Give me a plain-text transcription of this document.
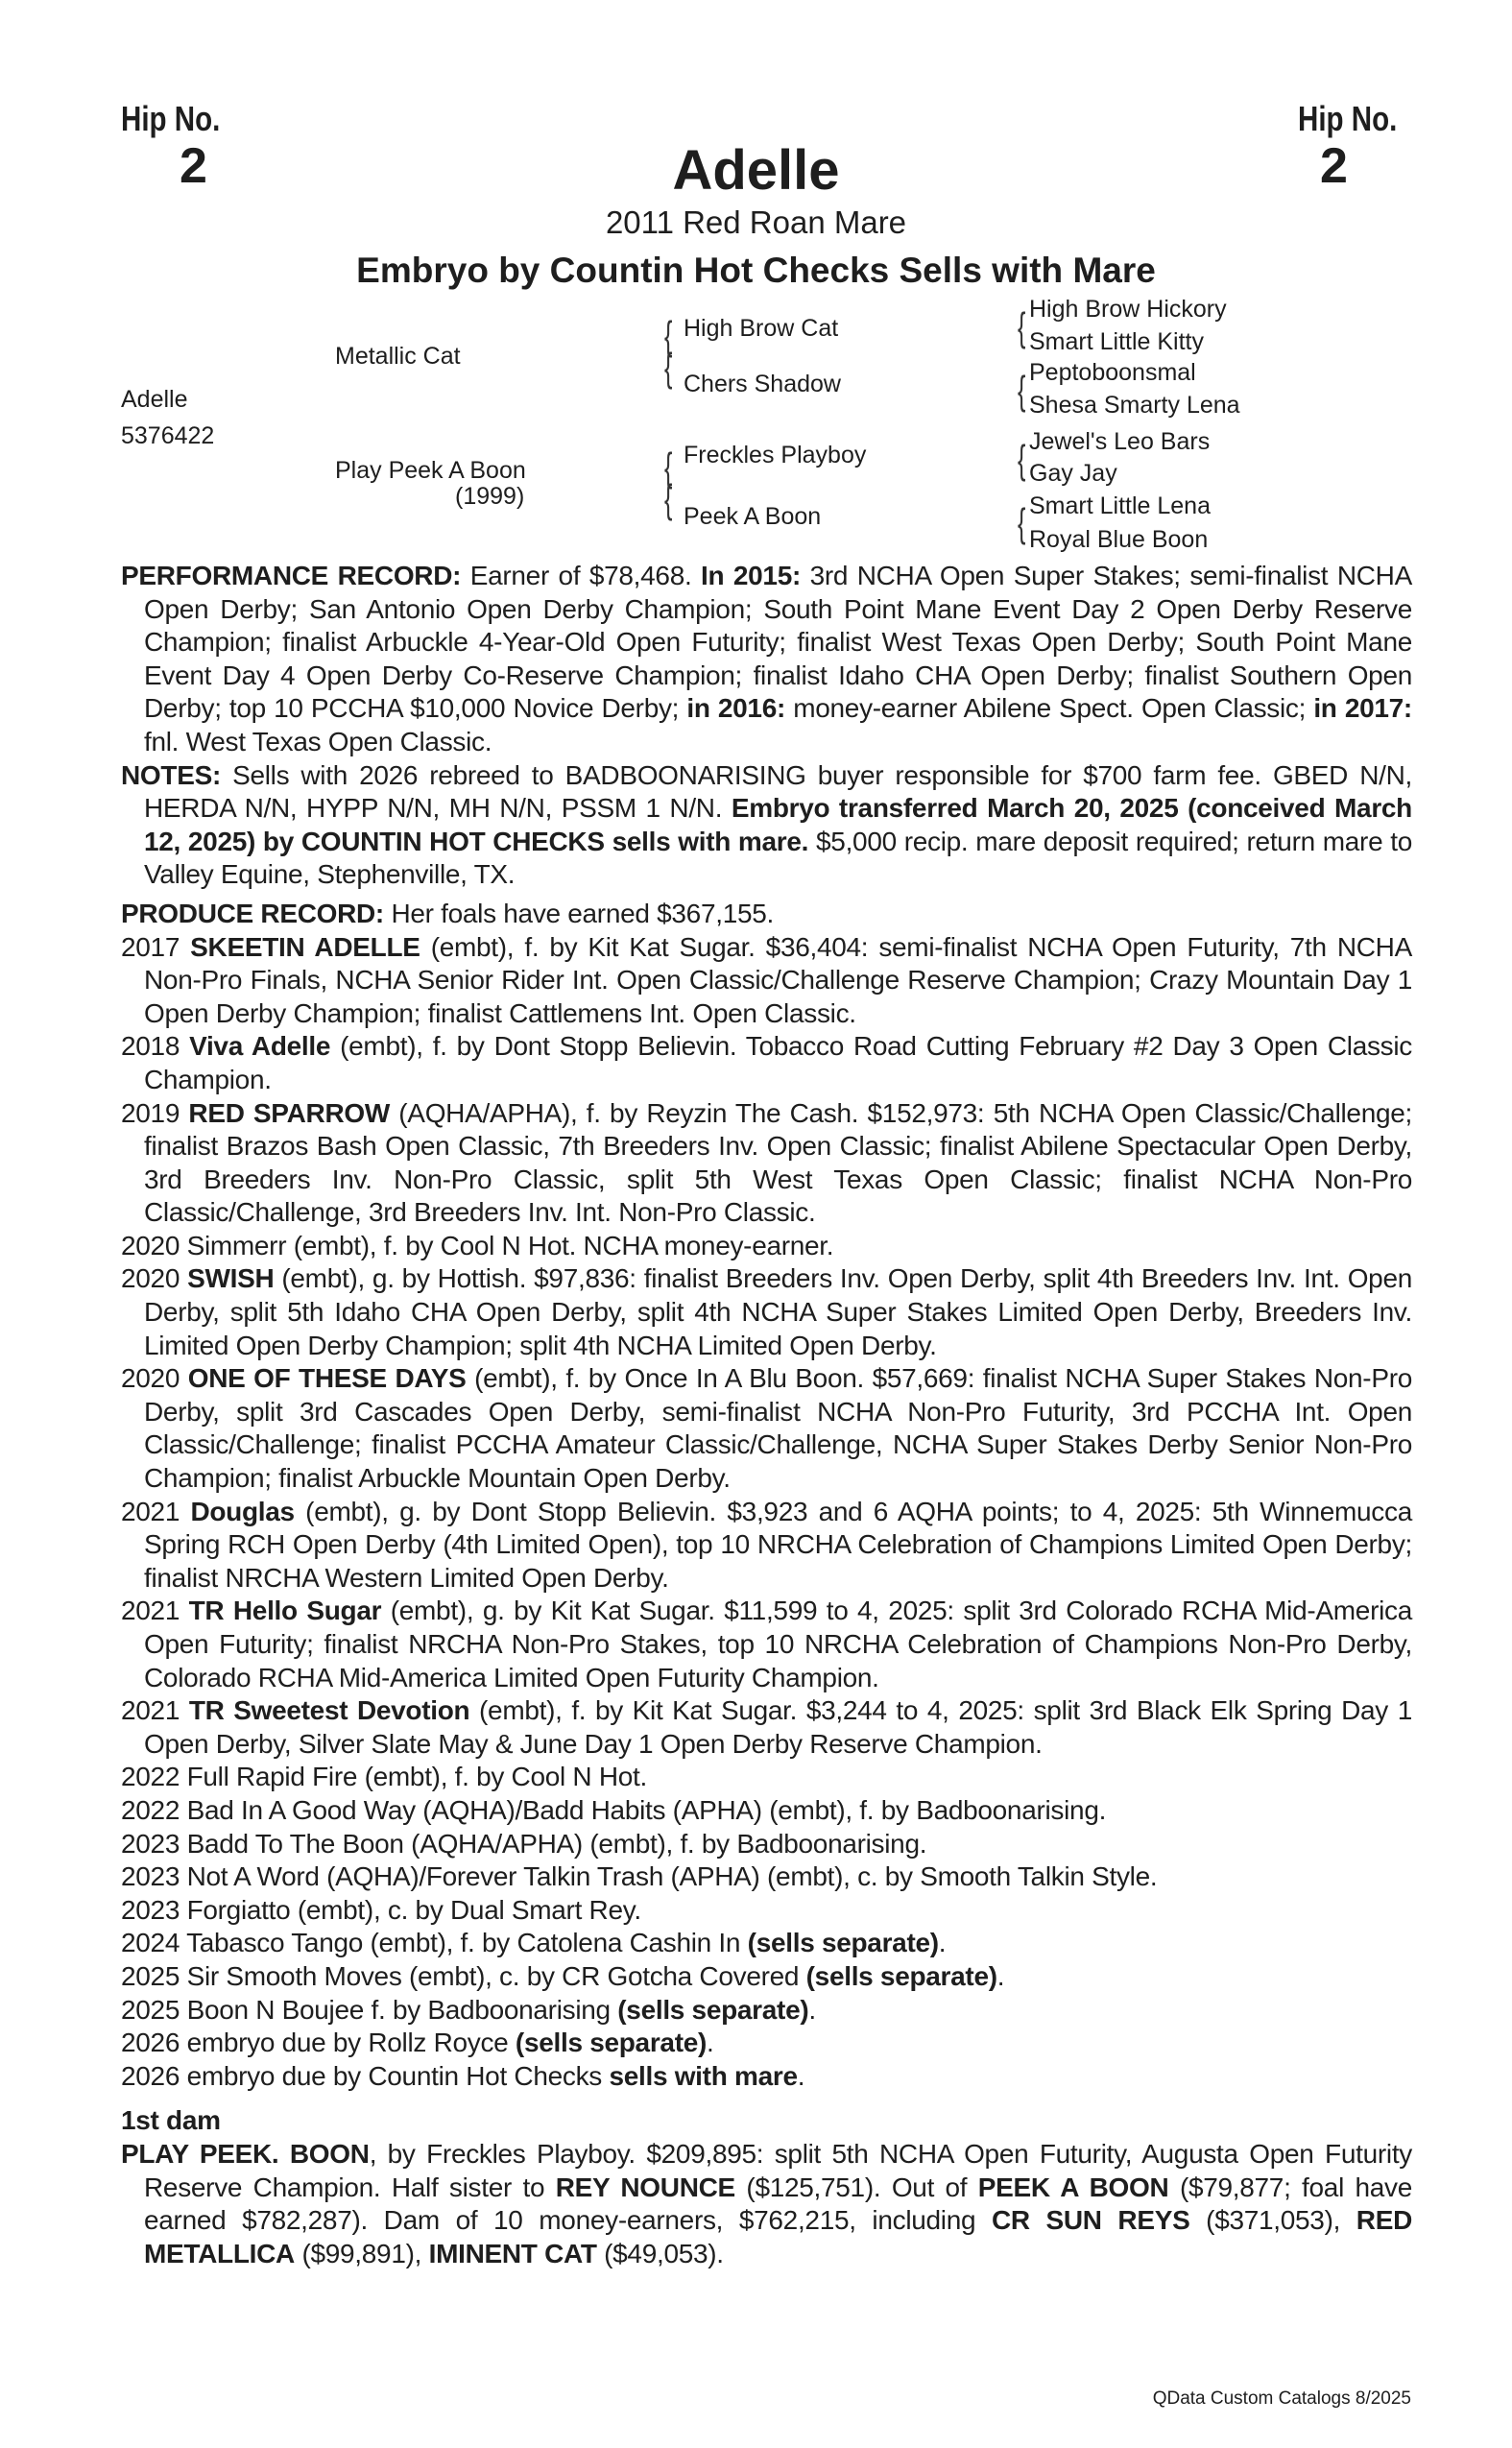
Hip No.
2
Hip No.
2
Adelle
2011 Red Roan Mare
Embryo by Countin Hot Checks Sells with Mare
Adelle
5376422
Metallic Cat
Play Peek A Boon
(1999)
{
{
High Brow Cat
Chers Shadow
{
{
Freckles Playboy
Peek A Boon
{ High Brow Hickory
Smart Little Kitty
{ Peptoboonsmal
Shesa Smarty Lena
{ Jewel's Leo Bars
Gay Jay
{ Smart Little Lena
Royal Blue Boon

PERFORMANCE RECORD: Earner of $78,468. In 2015: 3rd NCHA Open Super Stakes; semi-finalist NCHA Open Derby; San Antonio Open Derby Champion; South Point Mane Event Day 2 Open Derby Reserve Champion; finalist Arbuckle 4-Year-Old Open Futurity; finalist West Texas Open Derby; South Point Mane Event Day 4 Open Derby Co-Reserve Champion; finalist Idaho CHA Open Derby; finalist Southern Open Derby; top 10 PCCHA $10,000 Novice Derby; in 2016: money-earner Abilene Spect. Open Classic; in 2017: fnl. West Texas Open Classic.

NOTES: Sells with 2026 rebreed to BADBOONARISING buyer responsible for $700 farm fee. GBED N/N, HERDA N/N, HYPP N/N, MH N/N, PSSM 1 N/N. Embryo transferred March 20, 2025 (conceived March 12, 2025) by COUNTIN HOT CHECKS sells with mare. $5,000 recip. mare deposit required; return mare to Valley Equine, Stephenville, TX.

PRODUCE RECORD: Her foals have earned $367,155.

2017 SKEETIN ADELLE (embt), f. by Kit Kat Sugar. $36,404: semi-finalist NCHA Open Futurity, 7th NCHA Non-Pro Finals, NCHA Senior Rider Int. Open Classic/Challenge Reserve Champion; Crazy Mountain Day 1 Open Derby Champion; finalist Cattlemens Int. Open Classic.

2018 Viva Adelle (embt), f. by Dont Stopp Believin. Tobacco Road Cutting February #2 Day 3 Open Classic Champion.

2019 RED SPARROW (AQHA/APHA), f. by Reyzin The Cash. $152,973: 5th NCHA Open Classic/Challenge; finalist Brazos Bash Open Classic, 7th Breeders Inv. Open Classic; finalist Abilene Spectacular Open Derby, 3rd Breeders Inv. Non-Pro Classic, split 5th West Texas Open Classic; finalist NCHA Non-Pro Classic/Challenge, 3rd Breeders Inv. Int. Non-Pro Classic.

2020 Simmerr (embt), f. by Cool N Hot. NCHA money-earner.

2020 SWISH (embt), g. by Hottish. $97,836: finalist Breeders Inv. Open Derby, split 4th Breeders Inv. Int. Open Derby, split 5th Idaho CHA Open Derby, split 4th NCHA Super Stakes Limited Open Derby, Breeders Inv. Limited Open Derby Champion; split 4th NCHA Limited Open Derby.

2020 ONE OF THESE DAYS (embt), f. by Once In A Blu Boon. $57,669: finalist NCHA Super Stakes Non-Pro Derby, split 3rd Cascades Open Derby, semi-finalist NCHA Non-Pro Futurity, 3rd PCCHA Int. Open Classic/Challenge; finalist PCCHA Amateur Classic/Challenge, NCHA Super Stakes Derby Senior Non-Pro Champion; finalist Arbuckle Mountain Open Derby.

2021 Douglas (embt), g. by Dont Stopp Believin. $3,923 and 6 AQHA points; to 4, 2025: 5th Winnemucca Spring RCH Open Derby (4th Limited Open), top 10 NRCHA Celebration of Champions Limited Open Derby; finalist NRCHA Western Limited Open Derby.

2021 TR Hello Sugar (embt), g. by Kit Kat Sugar. $11,599 to 4, 2025: split 3rd Colorado RCHA Mid-America Open Futurity; finalist NRCHA Non-Pro Stakes, top 10 NRCHA Celebration of Champions Non-Pro Derby, Colorado RCHA Mid-America Limited Open Futurity Champion.

2021 TR Sweetest Devotion (embt), f. by Kit Kat Sugar. $3,244 to 4, 2025: split 3rd Black Elk Spring Day 1 Open Derby, Silver Slate May & June Day 1 Open Derby Reserve Champion.

2022 Full Rapid Fire (embt), f. by Cool N Hot.

2022 Bad In A Good Way (AQHA)/Badd Habits (APHA) (embt), f. by Badboonarising.

2023 Badd To The Boon (AQHA/APHA) (embt), f. by Badboonarising.

2023 Not A Word (AQHA)/Forever Talkin Trash (APHA) (embt), c. by Smooth Talkin Style.

2023 Forgiatto (embt), c. by Dual Smart Rey.

2024 Tabasco Tango (embt), f. by Catolena Cashin In (sells separate).

2025 Sir Smooth Moves (embt), c. by CR Gotcha Covered (sells separate).

2025 Boon N Boujee f. by Badboonarising (sells separate).

2026 embryo due by Rollz Royce (sells separate).

2026 embryo due by Countin Hot Checks sells with mare.

1st dam

PLAY PEEK. BOON, by Freckles Playboy. $209,895: split 5th NCHA Open Futurity, Augusta Open Futurity Reserve Champion. Half sister to REY NOUNCE ($125,751). Out of PEEK A BOON ($79,877; foal have earned $782,287). Dam of 10 money-earners, $762,215, including CR SUN REYS ($371,053), RED METALLICA ($99,891), IMINENT CAT ($49,053).

QData Custom Catalogs 8/2025
